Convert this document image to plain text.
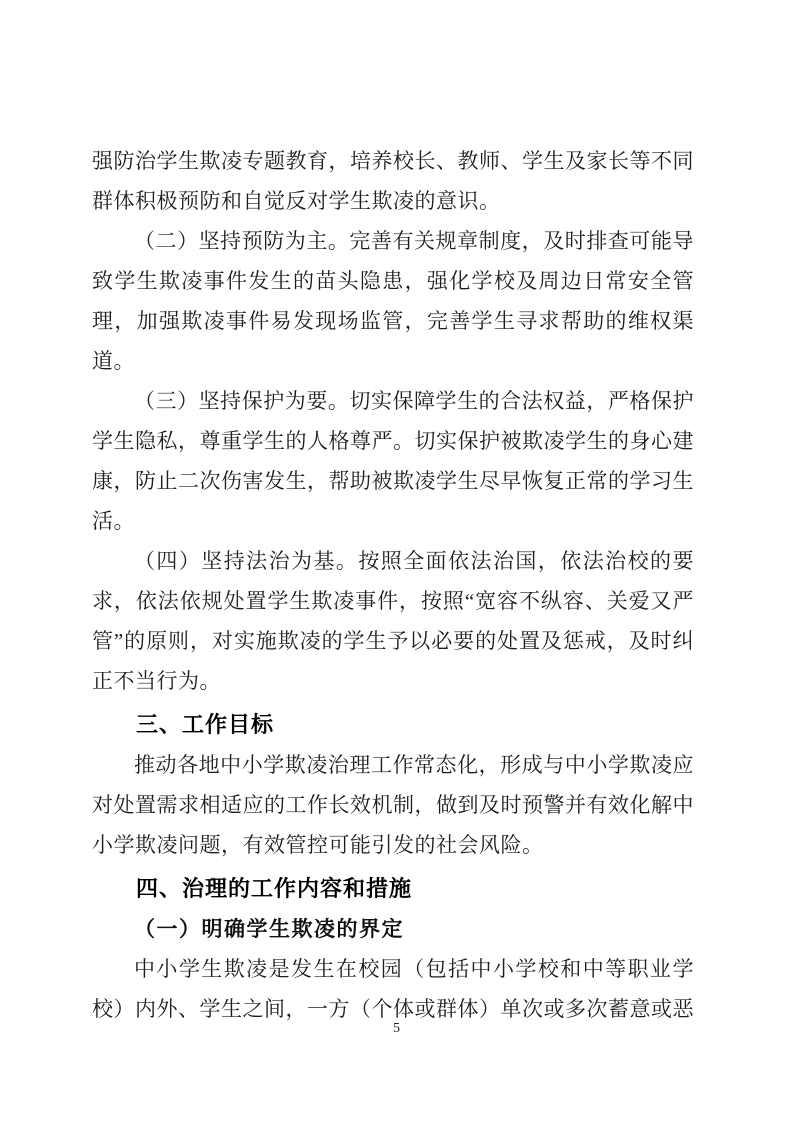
强防治学生欺凌专题教育，培养校长、教师、学生及家长等不同群体积极预防和自觉反对学生欺凌的意识。

（二）坚持预防为主。完善有关规章制度，及时排查可能导致学生欺凌事件发生的苗头隐患，强化学校及周边日常安全管理，加强欺凌事件易发现场监管，完善学生寻求帮助的维权渠道。

（三）坚持保护为要。切实保障学生的合法权益，严格保护学生隐私，尊重学生的人格尊严。切实保护被欺凌学生的身心建康，防止二次伤害发生，帮助被欺凌学生尽早恢复正常的学习生活。

（四）坚持法治为基。按照全面依法治国，依法治校的要求，依法依规处置学生欺凌事件，按照“宽容不纵容、关爱又严管”的原则，对实施欺凌的学生予以必要的处置及惩戒，及时纠正不当行为。

三、工作目标

推动各地中小学欺凌治理工作常态化，形成与中小学欺凌应对处置需求相适应的工作长效机制，做到及时预警并有效化解中小学欺凌问题，有效管控可能引发的社会风险。

四、治理的工作内容和措施
（一）明确学生欺凌的界定

中小学生欺凌是发生在校园（包括中小学校和中等职业学校）内外、学生之间，一方（个体或群体）单次或多次蓄意或恶

5
